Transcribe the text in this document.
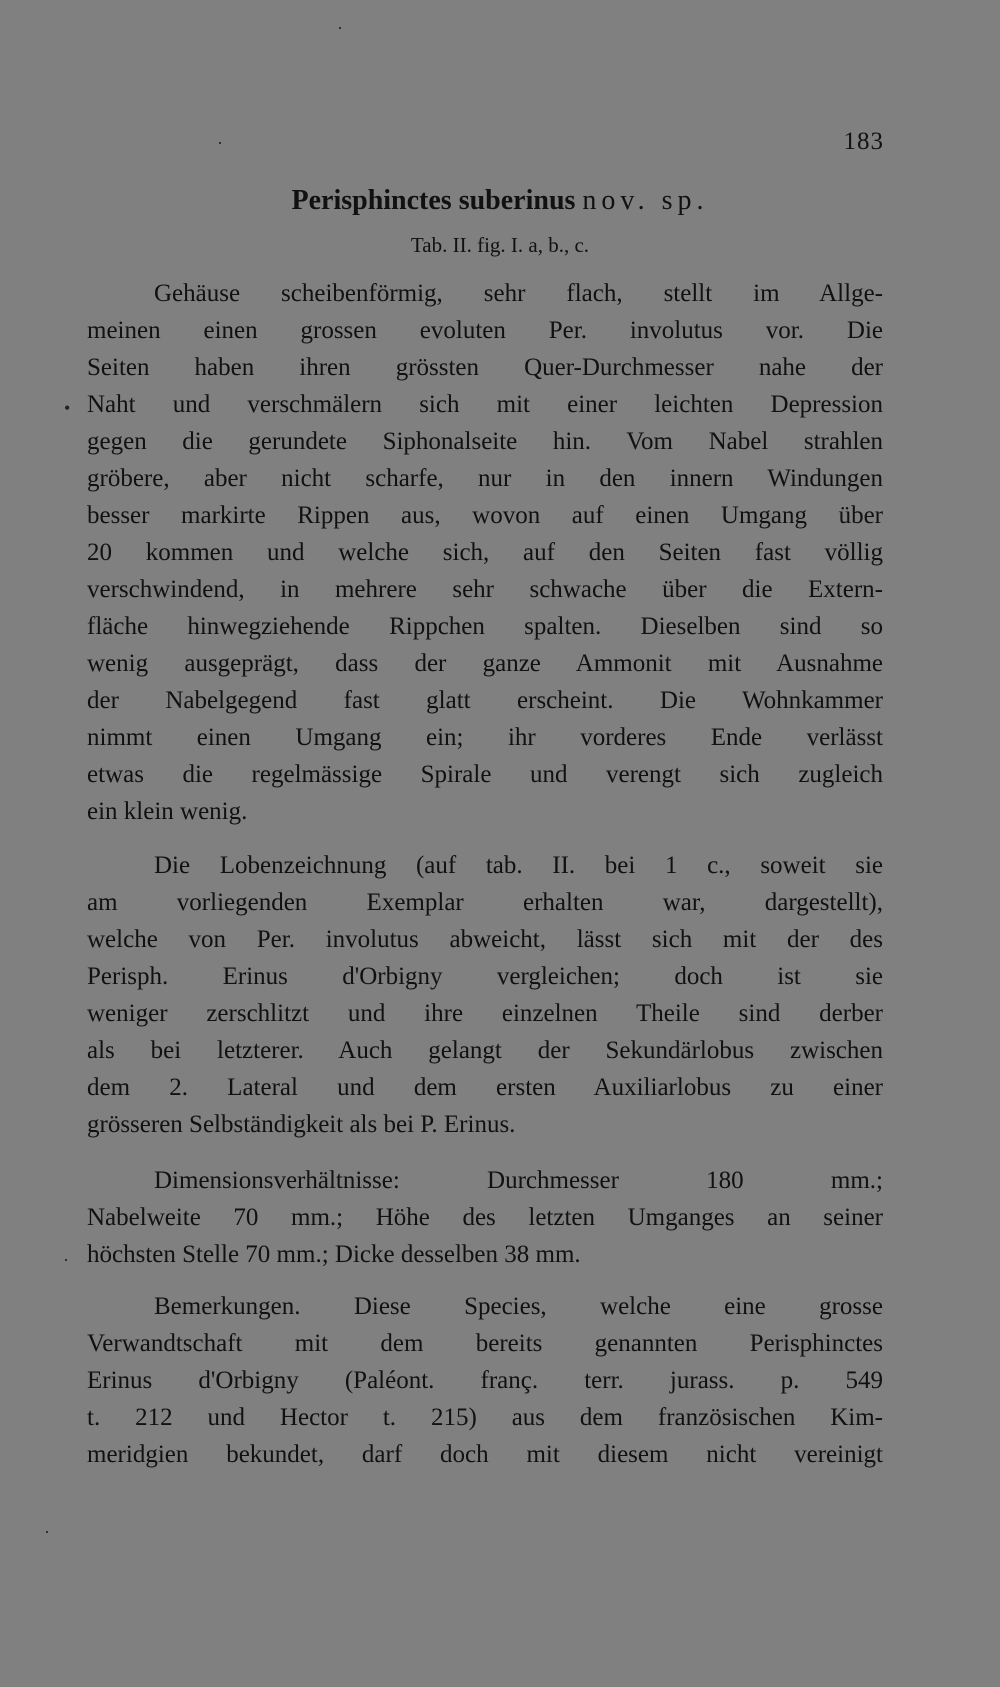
183
Perisphinctes suberinus nov. sp.
Tab. II. fig. I. a, b., c.
Gehäuse scheibenförmig, sehr flach, stellt im Allge-
meinen einen grossen evoluten Per. involutus vor. Die
Seiten haben ihren grössten Quer-Durchmesser nahe der
Naht und verschmälern sich mit einer leichten Depression
gegen die gerundete Siphonalseite hin. Vom Nabel strahlen
gröbere, aber nicht scharfe, nur in den innern Windungen
besser markirte Rippen aus, wovon auf einen Umgang über
20 kommen und welche sich, auf den Seiten fast völlig
verschwindend, in mehrere sehr schwache über die Extern-
fläche hinwegziehende Rippchen spalten. Dieselben sind so
wenig ausgeprägt, dass der ganze Ammonit mit Ausnahme
der Nabelgegend fast glatt erscheint. Die Wohnkammer
nimmt einen Umgang ein; ihr vorderes Ende verlässt
etwas die regelmässige Spirale und verengt sich zugleich
ein klein wenig.
Die Lobenzeichnung (auf tab. II. bei 1 c., soweit sie
am vorliegenden Exemplar erhalten war, dargestellt),
welche von Per. involutus abweicht, lässt sich mit der des
Perisph. Erinus d'Orbigny vergleichen; doch ist sie
weniger zerschlitzt und ihre einzelnen Theile sind derber
als bei letzterer. Auch gelangt der Sekundärlobus zwischen
dem 2. Lateral und dem ersten Auxiliarlobus zu einer
grösseren Selbständigkeit als bei P. Erinus.
Dimensionsverhältnisse: Durchmesser 180 mm.;
Nabelweite 70 mm.; Höhe des letzten Umganges an seiner
höchsten Stelle 70 mm.; Dicke desselben 38 mm.
Bemerkungen. Diese Species, welche eine grosse
Verwandtschaft mit dem bereits genannten Perisphinctes
Erinus d'Orbigny (Paléont. franç. terr. jurass. p. 549
t. 212 und Hector t. 215) aus dem französischen Kim-
meridgien bekundet, darf doch mit diesem nicht vereinigt
·
·
•
·
·
